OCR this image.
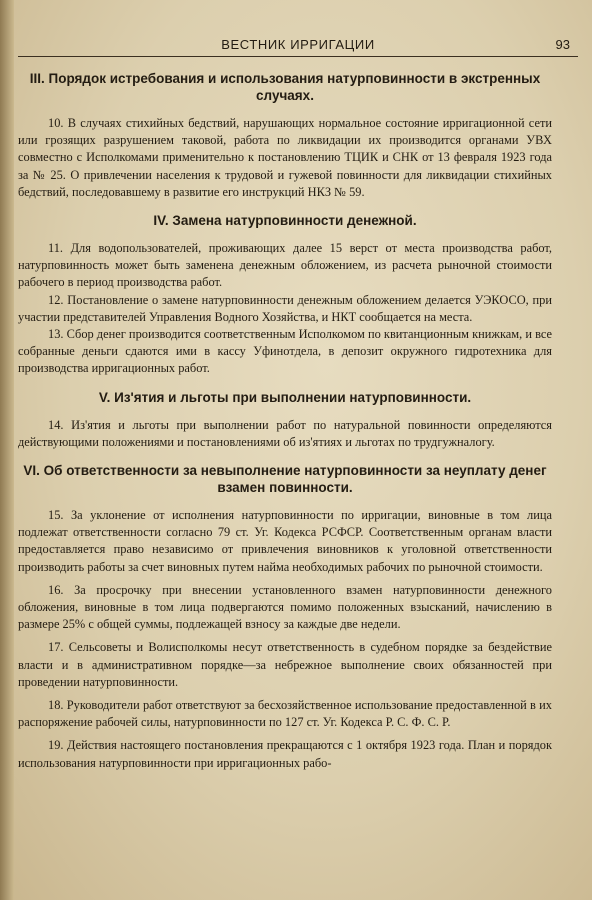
ВЕСТНИК ИРРИГАЦИИ	93
III. Порядок истребования и использования натурповинности в экстренных случаях.

10. В случаях стихийных бедствий, нарушающих нормальное состояние ирригационной сети или грозящих разрушением таковой, работа по ликвидации их производится органами УВХ совместно с Исполкомами применительно к постановлению ТЦИК и СНК от 13 февраля 1923 года за № 25. О привлечении населения к трудовой и гужевой повинности для ликвидации стихийных бедствий, последовавшему в развитие его инструкций НКЗ № 59.

IV. Замена натурповинности денежной.

11. Для водопользователей, проживающих далее 15 верст от места производства работ, натурповинность может быть заменена денежным обложением, из расчета рыночной стоимости рабочего в период производства работ.

12. Постановление о замене натурповинности денежным обложением делается УЭКОСО, при участии представителей Управления Водного Хозяйства, и НКТ сообщается на места.

13. Сбор денег производится соответственным Исполкомом по квитанционным книжкам, и все собранные деньги сдаются ими в кассу Уфинотдела, в депозит окружного гидротехника для производства ирригационных работ.

V. Из'ятия и льготы при выполнении натурповинности.

14. Из'ятия и льготы при выполнении работ по натуральной повинности определяются действующими положениями и постановлениями об из'ятиях и льготах по трудгужналогу.

VI. Об ответственности за невыполнение натурповинности за неуплату денег взамен повинности.

15. За уклонение от исполнения натурповинности по ирригации, виновные в том лица подлежат ответственности согласно 79 ст. Уг. Кодекса РСФСР. Соответственным органам власти предоставляется право независимо от привлечения виновников к уголовной ответственности производить работы за счет виновных путем найма необходимых рабочих по рыночной стоимости.

16. За просрочку при внесении установленного взамен натурповинности денежного обложения, виновные в том лица подвергаются помимо положенных взысканий, начислению в размере 25% с общей суммы, подлежащей взносу за каждые две недели.

17. Сельсоветы и Волисполкомы несут ответственность в судебном порядке за бездействие власти и в административном порядке—за небрежное выполнение своих обязанностей при проведении натурповинности.

18. Руководители работ ответствуют за бесхозяйственное использование предоставленной в их распоряжение рабочей силы, натурповинности по 127 ст. Уг. Кодекса Р. С. Ф. С. Р.

19. Действия настоящего постановления прекращаются с 1 октября 1923 года. План и порядок использования натурповинности при ирригационных рабо-
